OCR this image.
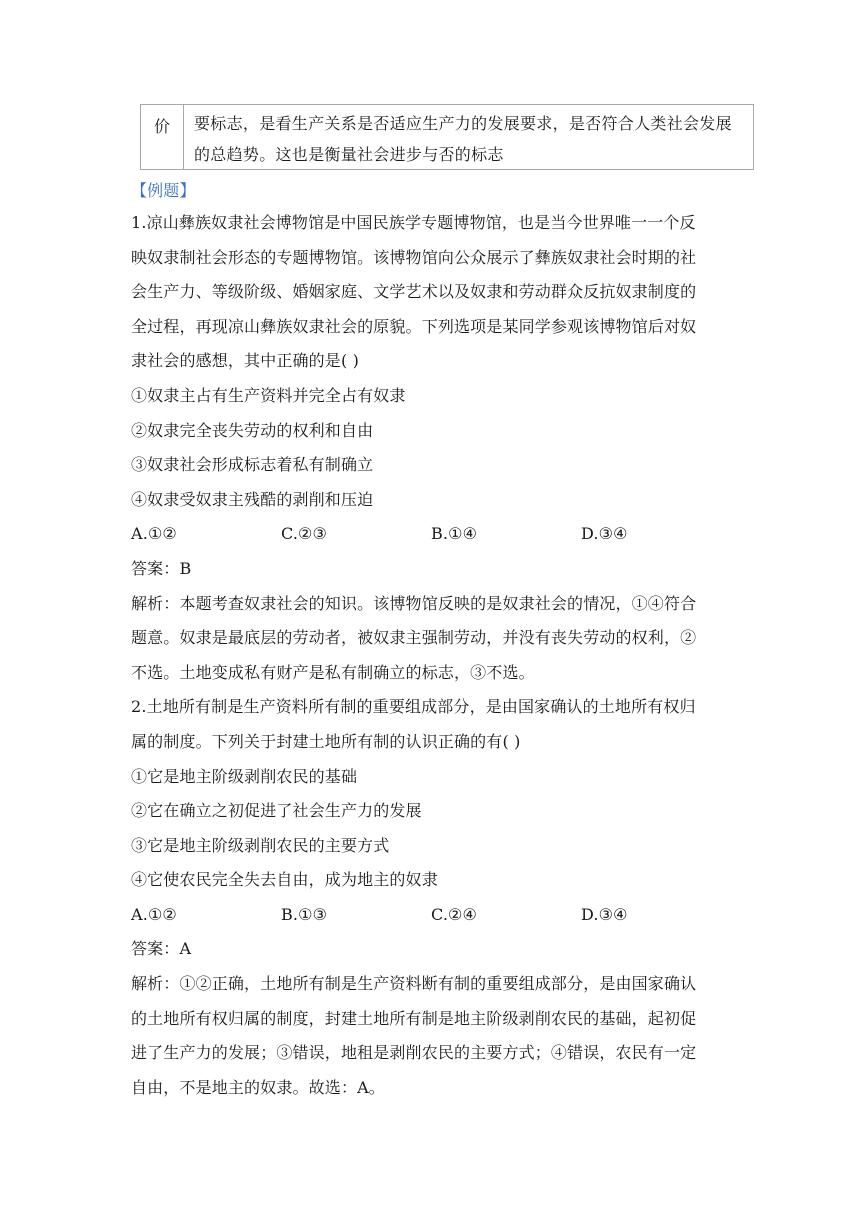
价	要标志，是看生产关系是否适应生产力的发展要求，是否符合人类社会发展的总趋势。这也是衡量社会进步与否的标志
【例题】
1.凉山彝族奴隶社会博物馆是中国民族学专题博物馆，也是当今世界唯一一个反
映奴隶制社会形态的专题博物馆。该博物馆向公众展示了彝族奴隶社会时期的社
会生产力、等级阶级、婚姻家庭、文学艺术以及奴隶和劳动群众反抗奴隶制度的
全过程，再现凉山彝族奴隶社会的原貌。下列选项是某同学参观该博物馆后对奴
隶社会的感想，其中正确的是( )
①奴隶主占有生产资料并完全占有奴隶
②奴隶完全丧失劳动的权利和自由
③奴隶社会形成标志着私有制确立
④奴隶受奴隶主残酷的剥削和压迫
A.①②	C.②③	B.①④	D.③④
答案：B
解析：本题考查奴隶社会的知识。该博物馆反映的是奴隶社会的情况，①④符合
题意。奴隶是最底层的劳动者，被奴隶主强制劳动，并没有丧失劳动的权利，②
不选。土地变成私有财产是私有制确立的标志，③不选。
2.土地所有制是生产资料所有制的重要组成部分，是由国家确认的土地所有权归
属的制度。下列关于封建土地所有制的认识正确的有( )
①它是地主阶级剥削农民的基础
②它在确立之初促进了社会生产力的发展
③它是地主阶级剥削农民的主要方式
④它使农民完全失去自由，成为地主的奴隶
A.①②	B.①③	C.②④	D.③④
答案：A
解析：①②正确，土地所有制是生产资料断有制的重要组成部分，是由国家确认
的土地所有权归属的制度，封建土地所有制是地主阶级剥削农民的基础，起初促
进了生产力的发展；③错误，地租是剥削农民的主要方式；④错误，农民有一定
自由，不是地主的奴隶。故选：A。
